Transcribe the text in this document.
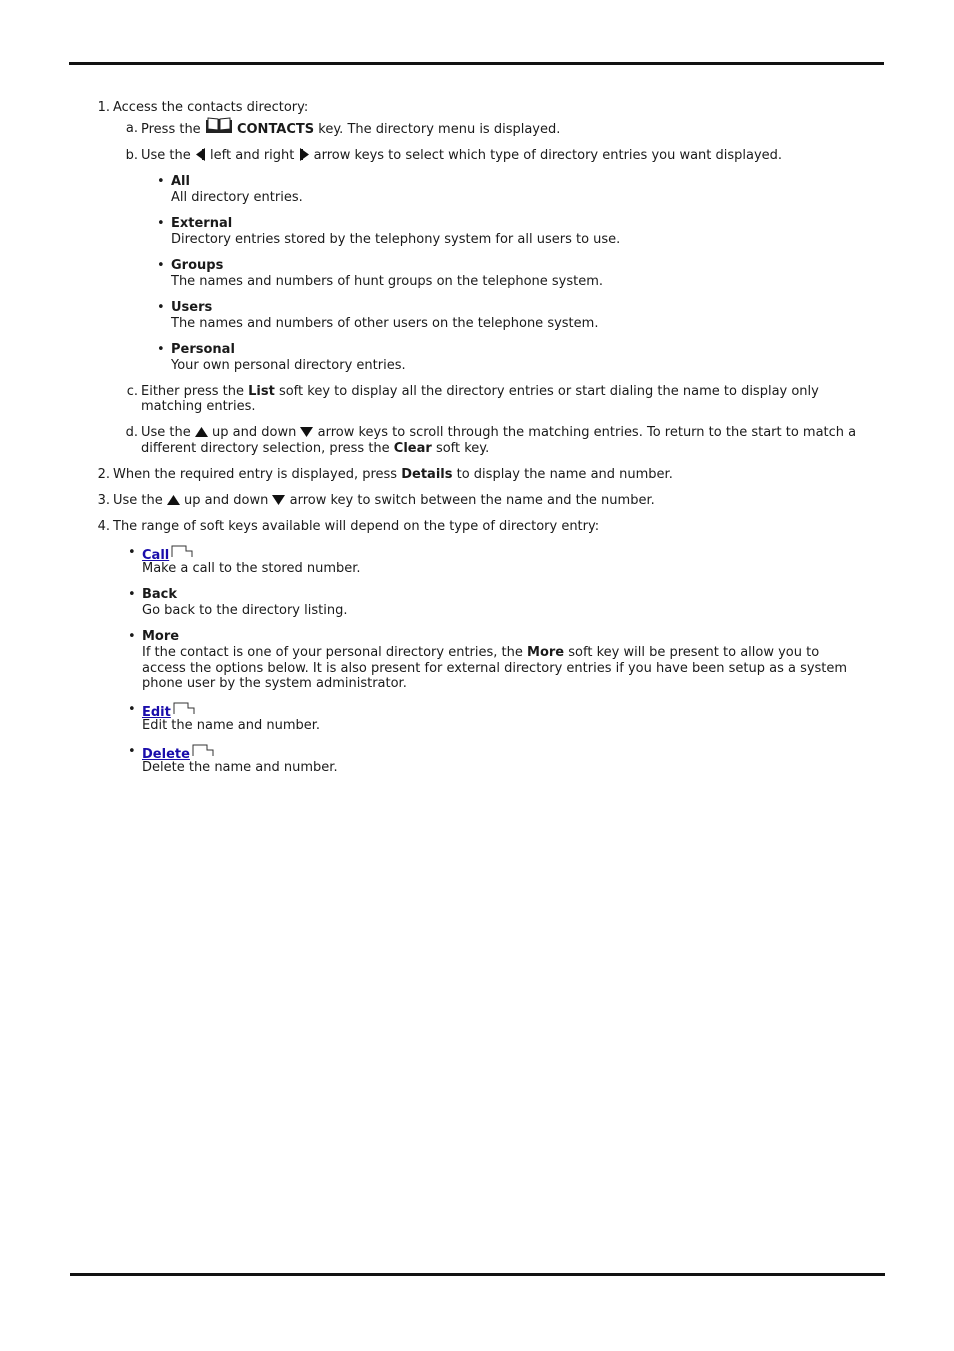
1. Access the contacts directory:
a. Press the	CONTACTS key. The directory menu is displayed.
b. Use the left and right arrow keys to select which type of directory entries you want displayed.
• All
All directory entries.
• External
Directory entries stored by the telephony system for all users to use.
• Groups
The names and numbers of hunt groups on the telephone system.
• Users
The names and numbers of other users on the telephone system.
• Personal
Your own personal directory entries.
c. Either press the List soft key to display all the directory entries or start dialing the name to display only
matching entries.
d. Use the up and down arrow keys to scroll through the matching entries. To return to the start to match a
different directory selection, press the Clear soft key.
2. When the required entry is displayed, press Details to display the name and number.
3. Use the up and down arrow key to switch between the name and the number.
4. The range of soft keys available will depend on the type of directory entry:
• Call
Make a call to the stored number.
• Back
Go back to the directory listing.
• More
If the contact is one of your personal directory entries, the More soft key will be present to allow you to
access the options below. It is also present for external directory entries if you have been setup as a system
phone user by the system administrator.
• Edit
Edit the name and number.
• Delete
Delete the name and number.
